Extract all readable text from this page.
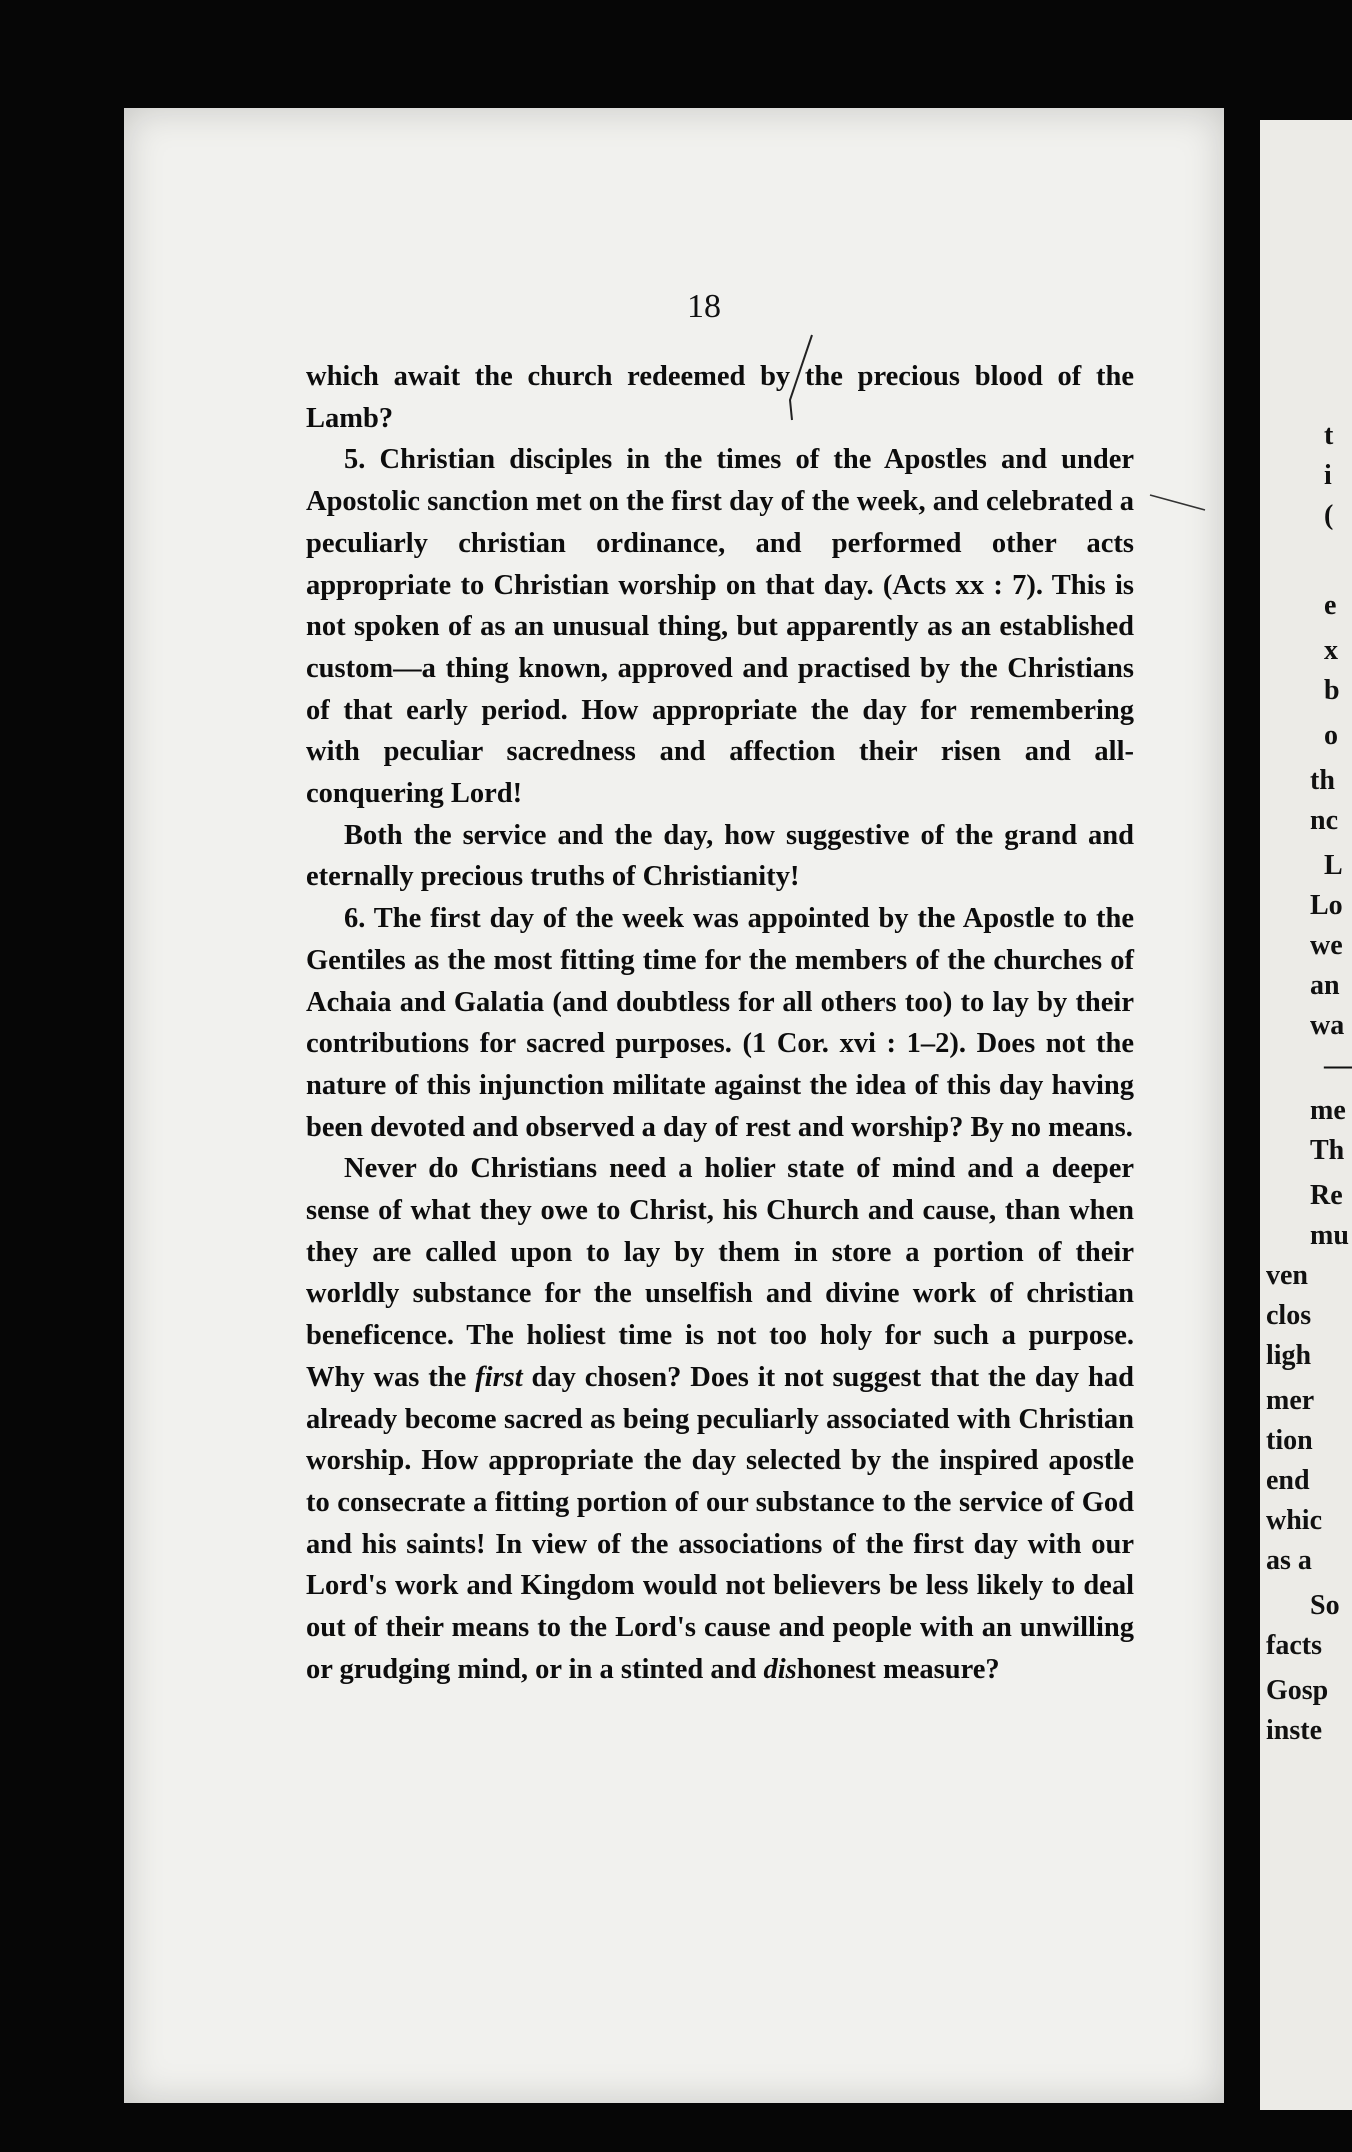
18

which await the church redeemed by the precious blood of the Lamb?

5. Christian disciples in the times of the Apostles and under Apostolic sanction met on the first day of the week, and celebrated a peculiarly christian ordinance, and performed other acts appropriate to Christian worship on that day. (Acts xx : 7). This is not spoken of as an unusual thing, but apparently as an established custom—a thing known, approved and practised by the Christians of that early period. How appropriate the day for remembering with peculiar sacredness and affection their risen and all-conquering Lord!

Both the service and the day, how suggestive of the grand and eternally precious truths of Christianity!

6. The first day of the week was appointed by the Apostle to the Gentiles as the most fitting time for the members of the churches of Achaia and Galatia (and doubtless for all others too) to lay by their contributions for sacred purposes. (1 Cor. xvi : 1–2). Does not the nature of this injunction militate against the idea of this day having been devoted and observed a day of rest and worship? By no means.

Never do Christians need a holier state of mind and a deeper sense of what they owe to Christ, his Church and cause, than when they are called upon to lay by them in store a portion of their worldly substance for the unselfish and divine work of christian beneficence. The holiest time is not too holy for such a purpose. Why was the first day chosen? Does it not suggest that the day had already become sacred as being peculiarly associated with Christian worship. How appropriate the day selected by the inspired apostle to consecrate a fitting portion of our substance to the service of God and his saints! In view of the associations of the first day with our Lord's work and Kingdom would not believers be less likely to deal out of their means to the Lord's cause and people with an unwilling or grudging mind, or in a stinted and dishonest measure?

t
i
(
e
x
b
o
th
nc
L
Lo
we
an
wa
—
me
Th
Re
mu
ven
clos
ligh
mer
tion
end
whic
as a
So
facts
Gosp
inste
